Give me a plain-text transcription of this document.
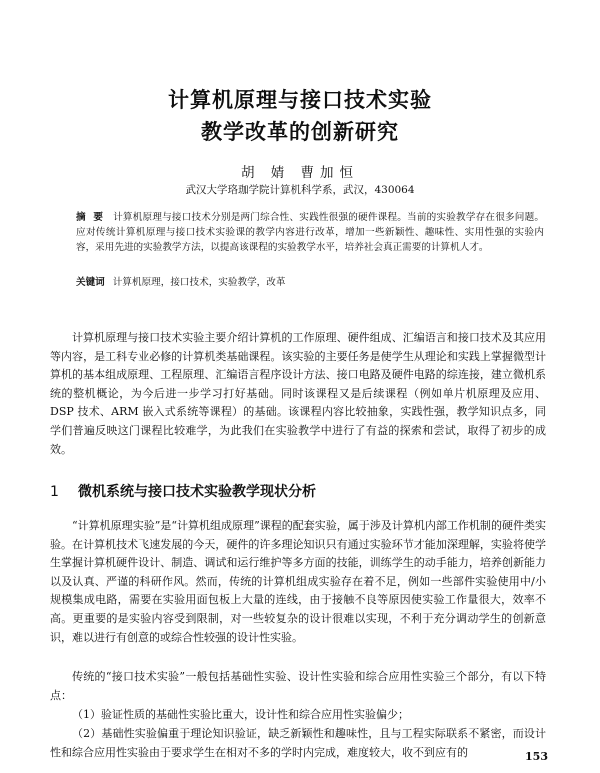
计算机原理与接口技术实验
教学改革的创新研究
胡 婧 曹加恒
武汉大学珞珈学院计算机科学系，武汉，430064
摘 要 计算机原理与接口技术分别是两门综合性、实践性很强的硬件课程。当前的实验教学存在很多问题。应对传统计算机原理与接口技术实验课的教学内容进行改革，增加一些新颖性、趣味性、实用性强的实验内容，采用先进的实验教学方法，以提高该课程的实验教学水平，培养社会真正需要的计算机人才。
关键词 计算机原理，接口技术，实验教学，改革
计算机原理与接口技术实验主要介绍计算机的工作原理、硬件组成、汇编语言和接口技术及其应用等内容，是工科专业必修的计算机类基础课程。该实验的主要任务是使学生从理论和实践上掌握微型计算机的基本组成原理、工程原理、汇编语言程序设计方法、接口电路及硬件电路的综连接，建立微机系统的整机概论，为今后进一步学习打好基础。同时该课程又是后续课程（例如单片机原理及应用、DSP 技术、ARM 嵌入式系统等课程）的基础。该课程内容比较抽象，实践性强，教学知识点多，同学们普遍反映这门课程比较难学，为此我们在实验教学中进行了有益的探索和尝试，取得了初步的成效。
1 微机系统与接口技术实验教学现状分析
“计算机原理实验”是“计算机组成原理”课程的配套实验，属于涉及计算机内部工作机制的硬件类实验。在计算机技术飞速发展的今天，硬件的许多理论知识只有通过实验环节才能加深理解，实验将使学生掌握计算机硬件设计、制造、调试和运行维护等多方面的技能，训练学生的动手能力，培养创新能力以及认真、严谨的科研作风。然而，传统的计算机组成实验存在着不足，例如一些部件实验使用中/小规模集成电路，需要在实验用面包板上大量的连线，由于接触不良等原因使实验工作量很大，效率不高。更重要的是实验内容受到限制，对一些较复杂的设计很难以实现，不利于充分调动学生的创新意识，难以进行有创意的或综合性较强的设计性实验。
传统的“接口技术实验”一般包括基础性实验、设计性实验和综合应用性实验三个部分，有以下特点：
（1）验证性质的基础性实验比重大，设计性和综合应用性实验偏少；
（2）基础性实验偏重于理论知识验证，缺乏新颖性和趣味性，且与工程实际联系不紧密，而设计性和综合应用性实验由于要求学生在相对不多的学时内完成，难度较大，收不到应有的	153
